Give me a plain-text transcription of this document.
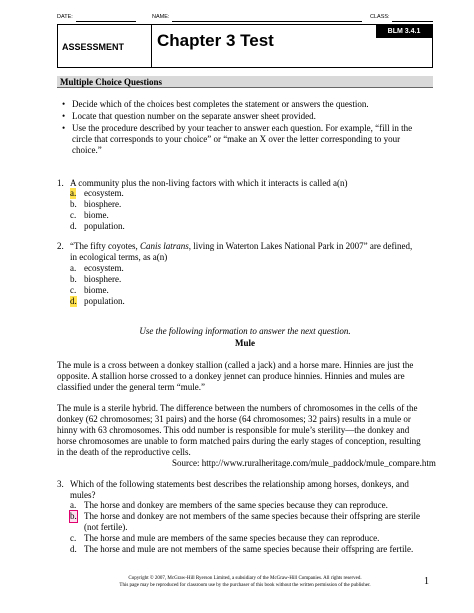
DATE:	NAME:	CLASS:
ASSESSMENT Chapter 3 Test	BLM 3.4.1
Multiple Choice Questions
• Decide which of the choices best completes the statement or answers the question.
• Locate that question number on the separate answer sheet provided.
• Use the procedure described by your teacher to answer each question. For example, “fill in the
circle that corresponds to your choice” or “make an X over the letter corresponding to your
choice.”
1. A community plus the non-living factors with which it interacts is called a(n)
a. ecosystem.
b. biosphere.
c. biome.
d. population.
2. “The fifty coyotes, Canis latrans, living in Waterton Lakes National Park in 2007” are defined,
in ecological terms, as a(n)
a. ecosystem.
b. biosphere.
c. biome.
d. population.
Use the following information to answer the next question.
Mule
The mule is a cross between a donkey stallion (called a jack) and a horse mare. Hinnies are just the
opposite. A stallion horse crossed to a donkey jennet can produce hinnies. Hinnies and mules are
classified under the general term “mule.”
The mule is a sterile hybrid. The difference between the numbers of chromosomes in the cells of the
donkey (62 chromosomes; 31 pairs) and the horse (64 chromosomes; 32 pairs) results in a mule or
hinny with 63 chromosomes. This odd number is responsible for mule’s sterility—the donkey and
horse chromosomes are unable to form matched pairs during the early stages of conception, resulting
in the death of the reproductive cells.
Source: http://www.ruralheritage.com/mule_paddock/mule_compare.htm
3. Which of the following statements best describes the relationship among horses, donkeys, and
mules?
a. The horse and donkey are members of the same species because they can reproduce.
b. The horse and donkey are not members of the same species because their offspring are sterile
(not fertile).
c. The horse and mule are members of the same species because they can reproduce.
d. The horse and mule are not members of the same species because their offspring are fertile.
Copyright © 2007, McGraw-Hill Ryerson Limited, a subsidiary of the McGraw-Hill Companies. All rights reserved.
This page may be reproduced for classroom use by the purchaser of this book without the written permission of the publisher.	1
